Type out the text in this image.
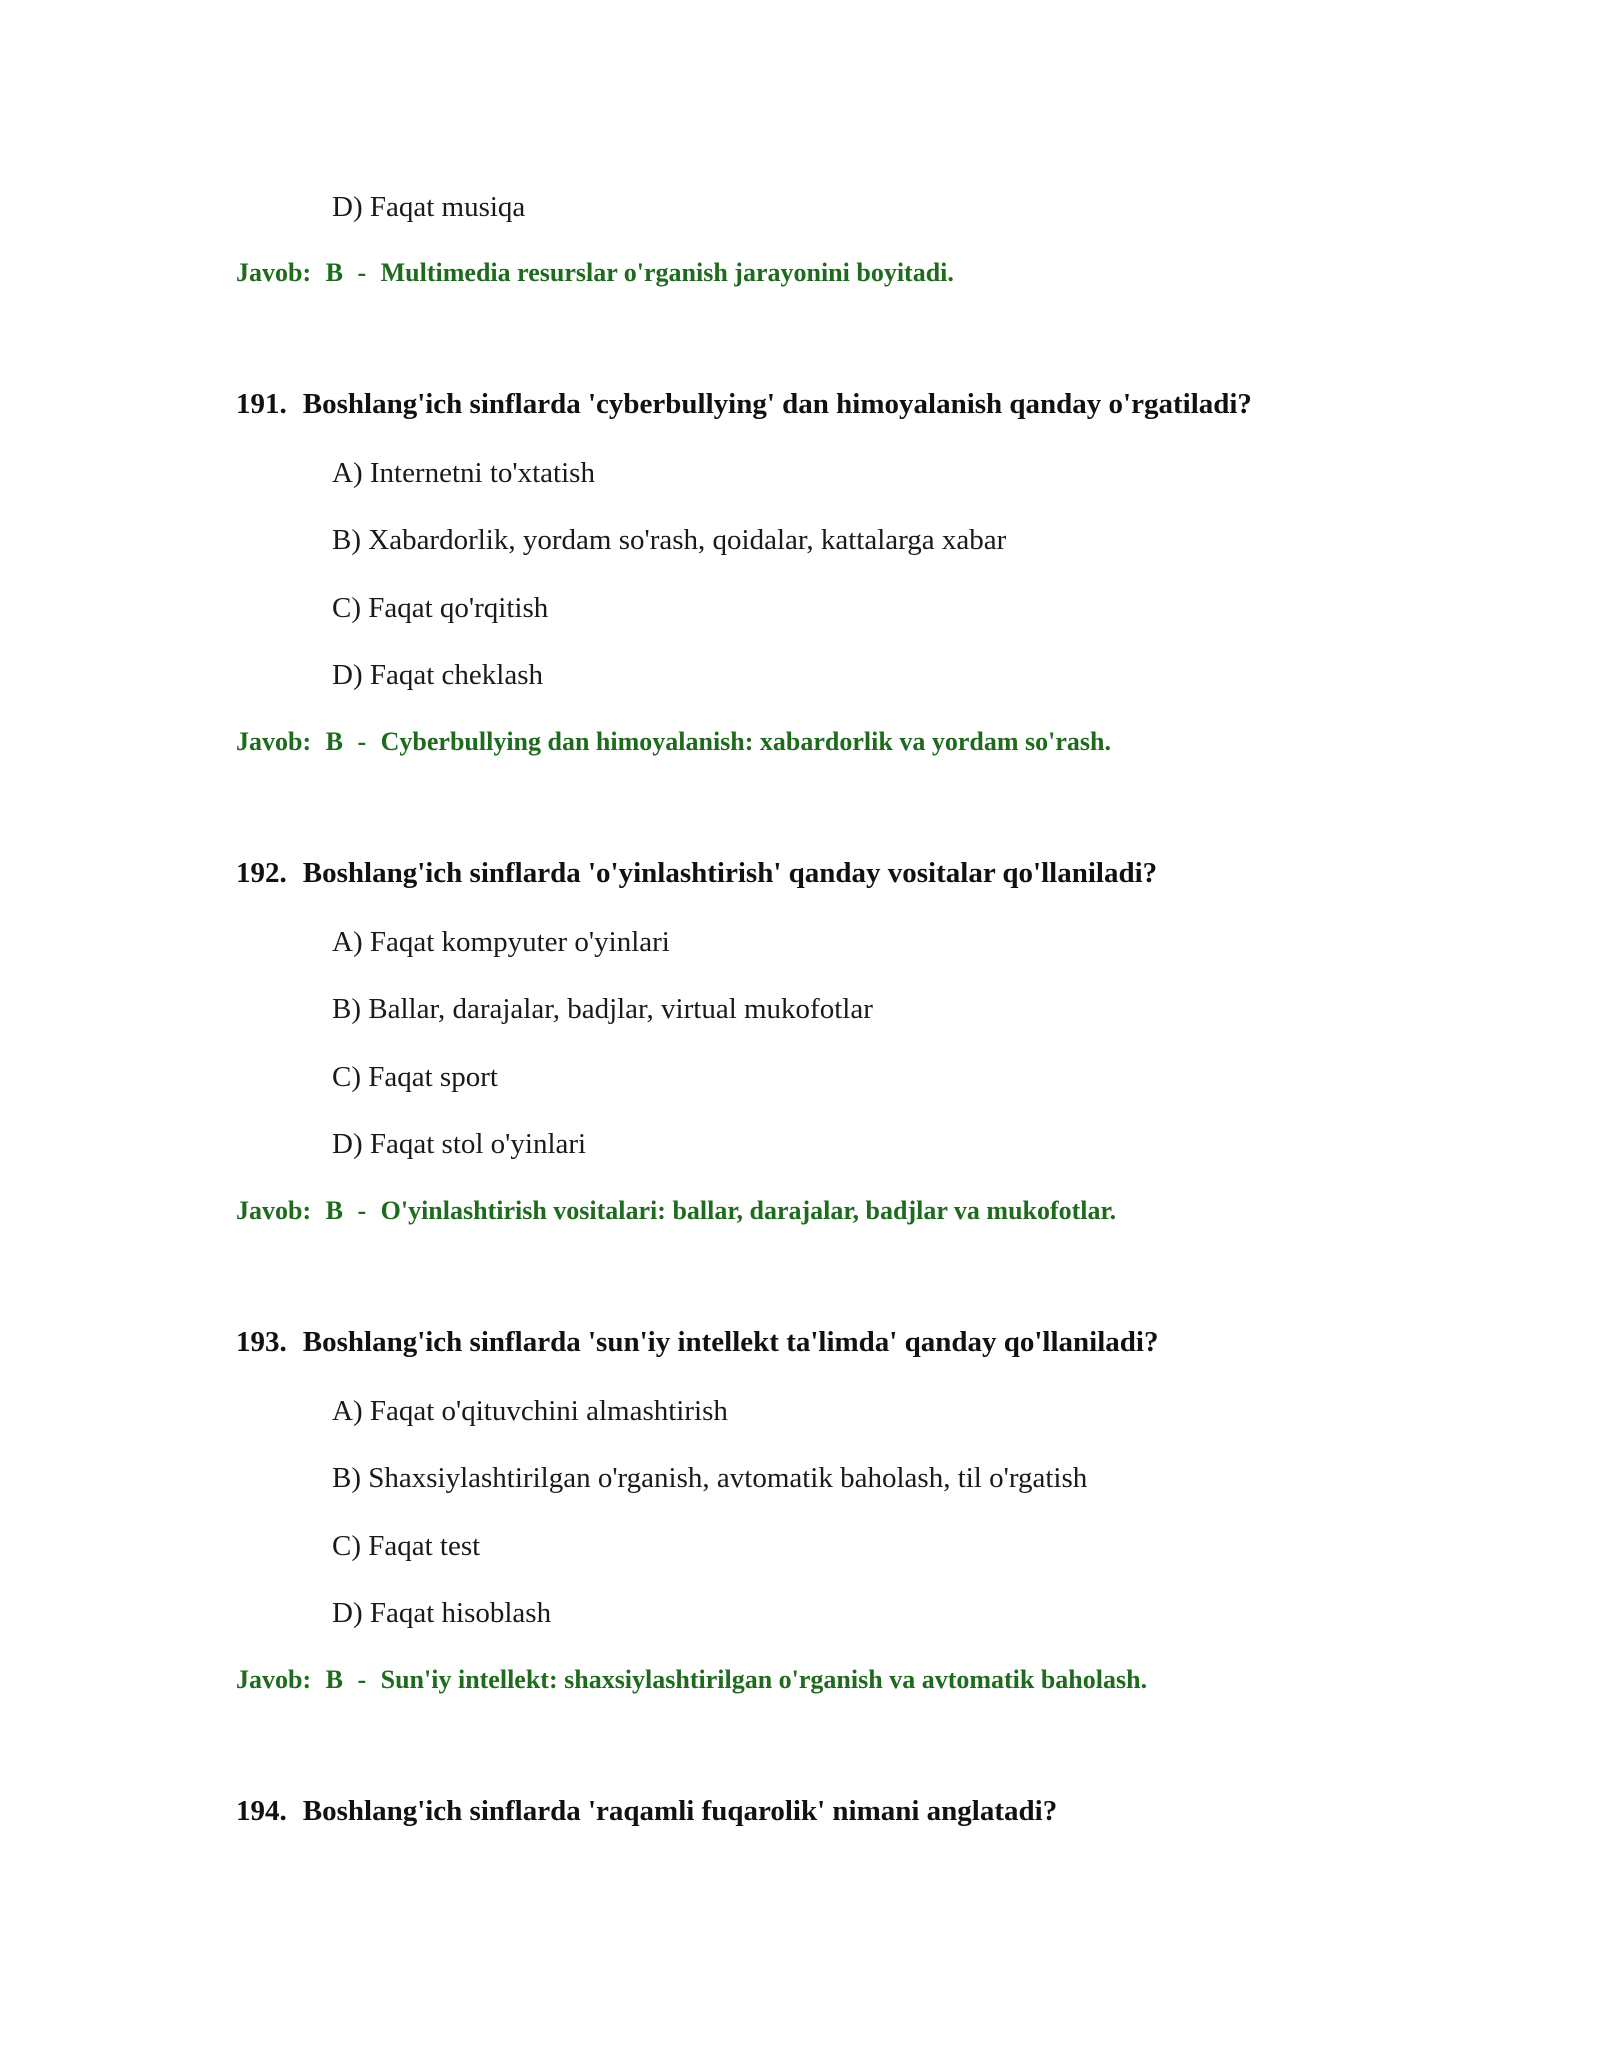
D) Faqat musiqa
Javob: B - Multimedia resurslar o'rganish jarayonini boyitadi.
191. Boshlang'ich sinflarda 'cyberbullying' dan himoyalanish qanday o'rgatiladi?
A) Internetni to'xtatish
B) Xabardorlik, yordam so'rash, qoidalar, kattalarga xabar
C) Faqat qo'rqitish
D) Faqat cheklash
Javob: B - Cyberbullying dan himoyalanish: xabardorlik va yordam so'rash.
192. Boshlang'ich sinflarda 'o'yinlashtirish' qanday vositalar qo'llaniladi?
A) Faqat kompyuter o'yinlari
B) Ballar, darajalar, badjlar, virtual mukofotlar
C) Faqat sport
D) Faqat stol o'yinlari
Javob: B - O'yinlashtirish vositalari: ballar, darajalar, badjlar va mukofotlar.
193. Boshlang'ich sinflarda 'sun'iy intellekt ta'limda' qanday qo'llaniladi?
A) Faqat o'qituvchini almashtirish
B) Shaxsiylashtirilgan o'rganish, avtomatik baholash, til o'rgatish
C) Faqat test
D) Faqat hisoblash
Javob: B - Sun'iy intellekt: shaxsiylashtirilgan o'rganish va avtomatik baholash.
194. Boshlang'ich sinflarda 'raqamli fuqarolik' nimani anglatadi?
